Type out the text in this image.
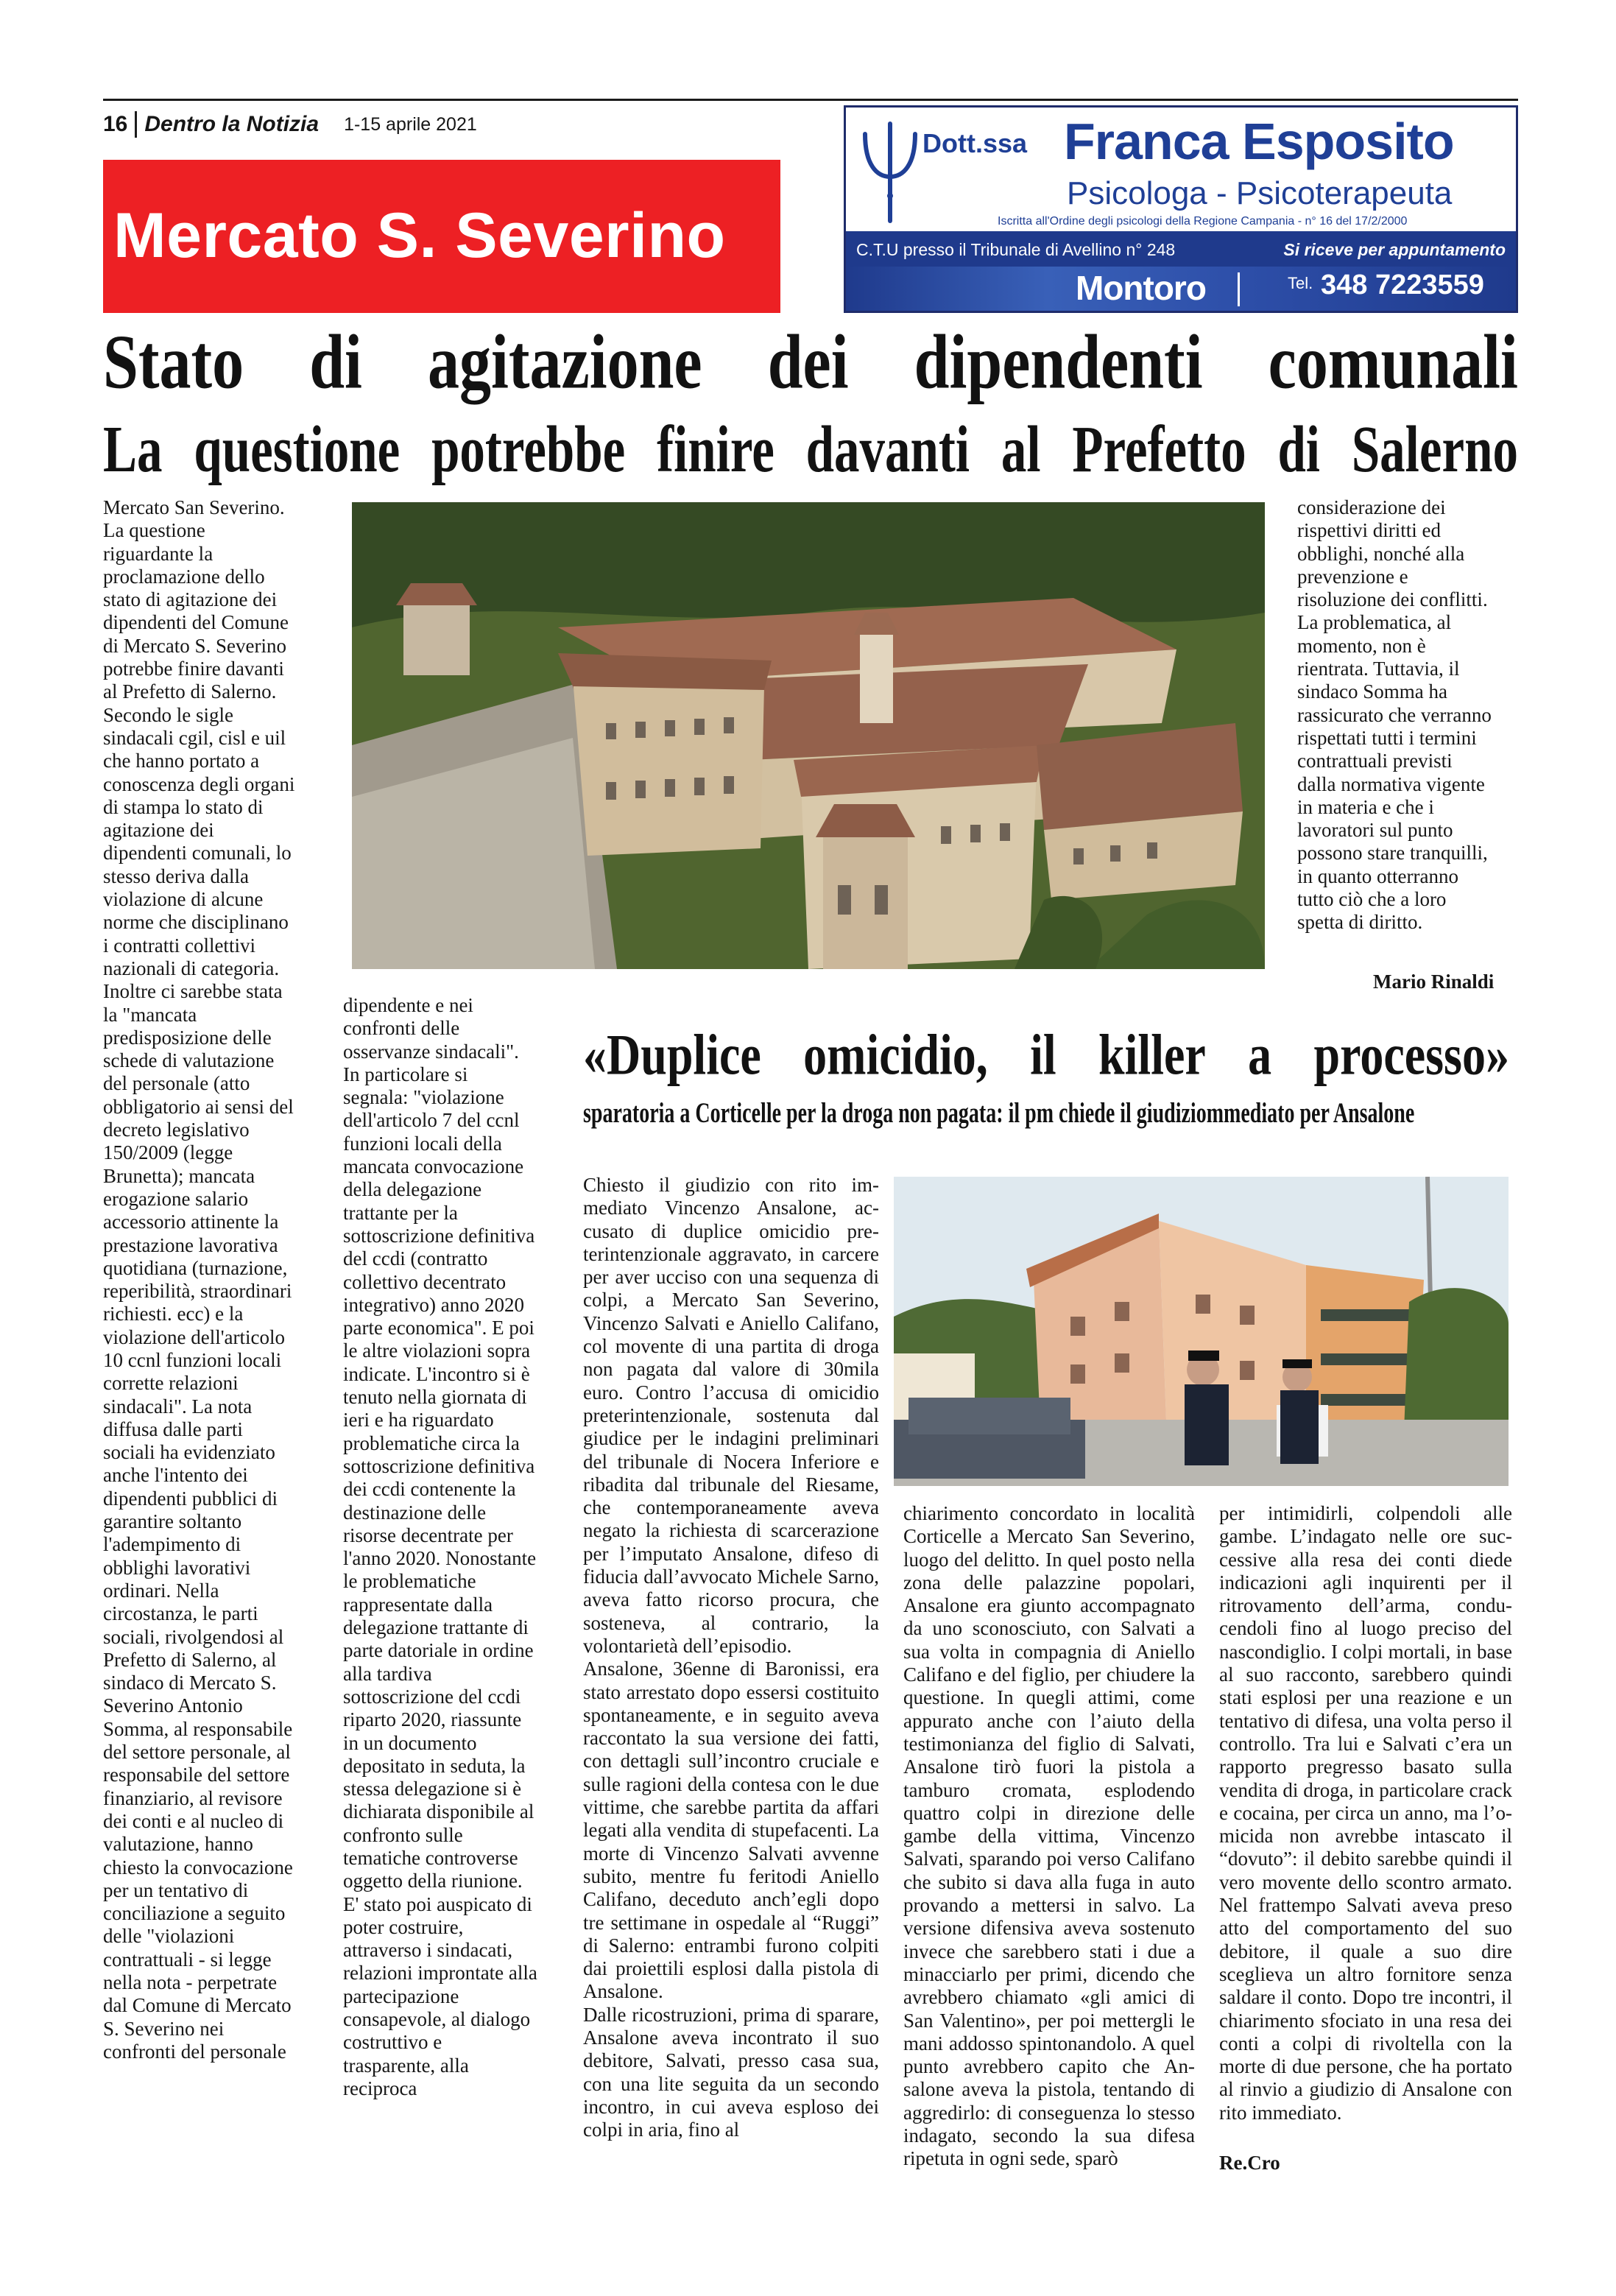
16 Dentro la Notizia 1-15 aprile 2021
Mercato S. Severino
Dott.ssa Franca Esposito
Psicologa - Psicoterapeuta
Iscritta all'Ordine degli psicologi della Regione Campania - n° 16 del 17/2/2000
C.T.U presso il Tribunale di Avellino n° 248	Si riceve per appuntamento
Montoro	Tel. 348 7223559
Stato di agitazione dei dipendenti comunali
La questione potrebbe finire davanti al Prefetto di Salerno

Mercato San Severino.
La questione
riguardante la
proclamazione dello
stato di agitazione dei
dipendenti del Comune
di Mercato S. Severino
potrebbe finire davanti
al Prefetto di Salerno.
Secondo le sigle
sindacali cgil, cisl e uil
che hanno portato a
conoscenza degli organi
di stampa lo stato di
agitazione dei
dipendenti comunali, lo
stesso deriva dalla
violazione di alcune
norme che disciplinano
i contratti collettivi
nazionali di categoria.
Inoltre ci sarebbe stata
la "mancata
predisposizione delle
schede di valutazione
del personale (atto
obbligatorio ai sensi del
decreto legislativo
150/2009 (legge
Brunetta); mancata
erogazione salario
accessorio attinente la
prestazione lavorativa
quotidiana (turnazione,
reperibilità, straordinari
richiesti. ecc) e la
violazione dell'articolo
10 ccnl funzioni locali
corrette relazioni
sindacali". La nota
diffusa dalle parti
sociali ha evidenziato
anche l'intento dei
dipendenti pubblici di
garantire soltanto
l'adempimento di
obblighi lavorativi
ordinari. Nella
circostanza, le parti
sociali, rivolgendosi al
Prefetto di Salerno, al
sindaco di Mercato S.
Severino Antonio
Somma, al responsabile
del settore personale, al
responsabile del settore
finanziario, al revisore
dei conti e al nucleo di
valutazione, hanno
chiesto la convocazione
per un tentativo di
conciliazione a seguito
delle "violazioni
contrattuali - si legge
nella nota - perpetrate
dal Comune di Mercato
S. Severino nei
confronti del personale

dipendente e nei
confronti delle
osservanze sindacali".
In particolare si
segnala: "violazione
dell'articolo 7 del ccnl
funzioni locali della
mancata convocazione
della delegazione
trattante per la
sottoscrizione definitiva
del ccdi (contratto
collettivo decentrato
integrativo) anno 2020
parte economica". E poi
le altre violazioni sopra
indicate. L'incontro si è
tenuto nella giornata di
ieri e ha riguardato
problematiche circa la
sottoscrizione definitiva
dei ccdi contenente la
destinazione delle
risorse decentrate per
l'anno 2020. Nonostante
le problematiche
rappresentate dalla
delegazione trattante di
parte datoriale in ordine
alla tardiva
sottoscrizione del ccdi
riparto 2020, riassunte
in un documento
depositato in seduta, la
stessa delegazione si è
dichiarata disponibile al
confronto sulle
tematiche controverse
oggetto della riunione.
E' stato poi auspicato di
poter costruire,
attraverso i sindacati,
relazioni improntate alla
partecipazione
consapevole, al dialogo
costruttivo e
trasparente, alla
reciproca

considerazione dei
rispettivi diritti ed
obblighi, nonché alla
prevenzione e
risoluzione dei conflitti.
La problematica, al
momento, non è
rientrata. Tuttavia, il
sindaco Somma ha
rassicurato che verranno
rispettati tutti i termini
contrattuali previsti
dalla normativa vigente
in materia e che i
lavoratori sul punto
possono stare tranquilli,
in quanto otterranno
tutto ciò che a loro
spetta di diritto.

Mario Rinaldi
«Duplice omicidio, il killer a processo»
sparatoria a Corticelle per la droga non pagata: il pm chiede il giudiziommediato per Ansalone

Chiesto il giudizio con rito immediato Vincenzo Ansalone, accusato di duplice omicidio preterintenzionale aggravato, in carcere per aver ucciso con una sequenza di colpi, a Mercato San Severino, Vincenzo Salvati e Aniello Califano, col movente di una partita di droga non pagata dal valore di 30mila euro. Contro l’accusa di omicidio preterintenzionale, sostenuta dal giudice per le indagini preliminari del tribunale di Nocera Inferiore e ribadita dal tribunale del Riesame, che contemporaneamente aveva negato la richiesta di scarcerazione per l’imputato Ansalone, difeso di fiducia dall’avvocato Michele Sarno, aveva fatto ricorso procura, che sosteneva, al contrario, la volontarietà dell’episodio.
Ansalone, 36enne di Baronissi, era stato arrestato dopo essersi costituito spontaneamente, e in seguito aveva raccontato la sua versione dei fatti, con dettagli sull’incontro cruciale e sulle ragioni della contesa con le due vittime, che sarebbe partita da affari legati alla vendita di stupefacenti. La morte di Vincenzo Salvati avvenne subito, mentre fu feritodi Aniello Califano, deceduto anch’egli dopo tre settimane in ospedale al “Ruggi” di Salerno: entrambi furono colpiti dai proiettili esplosi dalla pistola di Ansalone.
Dalle ricostruzioni, prima di sparare, Ansalone aveva incontrato il suo debitore, Salvati, presso casa sua, con una lite seguita da un secondo incontro, in cui aveva esploso dei colpi in aria, fino al

chiarimento concordato in località Corticelle a Mercato San Severino, luogo del delitto. In quel posto nella zona delle palazzine popolari, Ansalone era giunto accompagnato da uno sconosciuto, con Salvati a sua volta in compagnia di Aniello Califano e del figlio, per chiudere la questione. In quegli attimi, come appurato anche con l’aiuto della testimonianza del figlio di Salvati, Ansalone tirò fuori la pistola a tamburo cromata, esplodendo quattro colpi in direzione delle gambe della vittima, Vincenzo Salvati, sparando poi verso Califano che subito si dava alla fuga in auto provando a mettersi in salvo. La versione difensiva aveva sostenuto invece che sarebbero stati i due a minacciarlo per primi, dicendo che avrebbero chiamato «gli amici di San Valentino», per poi mettergli le mani addosso spintonandolo. A quel punto avrebbero capito che Ansalone aveva la pistola, tentando di aggredirlo: di conseguenza lo stesso indagato, secondo la sua difesa ripetuta in ogni sede, sparò

per intimidirli, colpendoli alle gambe. L’indagato nelle ore successive alla resa dei conti diede indicazioni agli inquirenti per il ritrovamento dell’arma, conducendoli fino al luogo preciso del nascondiglio. I colpi mortali, in base al suo racconto, sarebbero quindi stati esplosi per una reazione e un tentativo di difesa, una volta perso il controllo. Tra lui e Salvati c’era un rapporto pregresso basato sulla vendita di droga, in particolare crack e cocaina, per circa un anno, ma l’omicida non avrebbe intascato il “dovuto”: il debito sarebbe quindi il vero movente dello scontro armato. Nel frattempo Salvati aveva preso atto del comportamento del suo debitore, il quale a suo dire sceglieva un altro fornitore senza saldare il conto. Dopo tre incontri, il chiarimento sfociato in una resa dei conti a colpi di rivoltella con la morte di due persone, che ha portato al rinvio a giudizio di Ansalone con rito immediato.

Re.Cro
